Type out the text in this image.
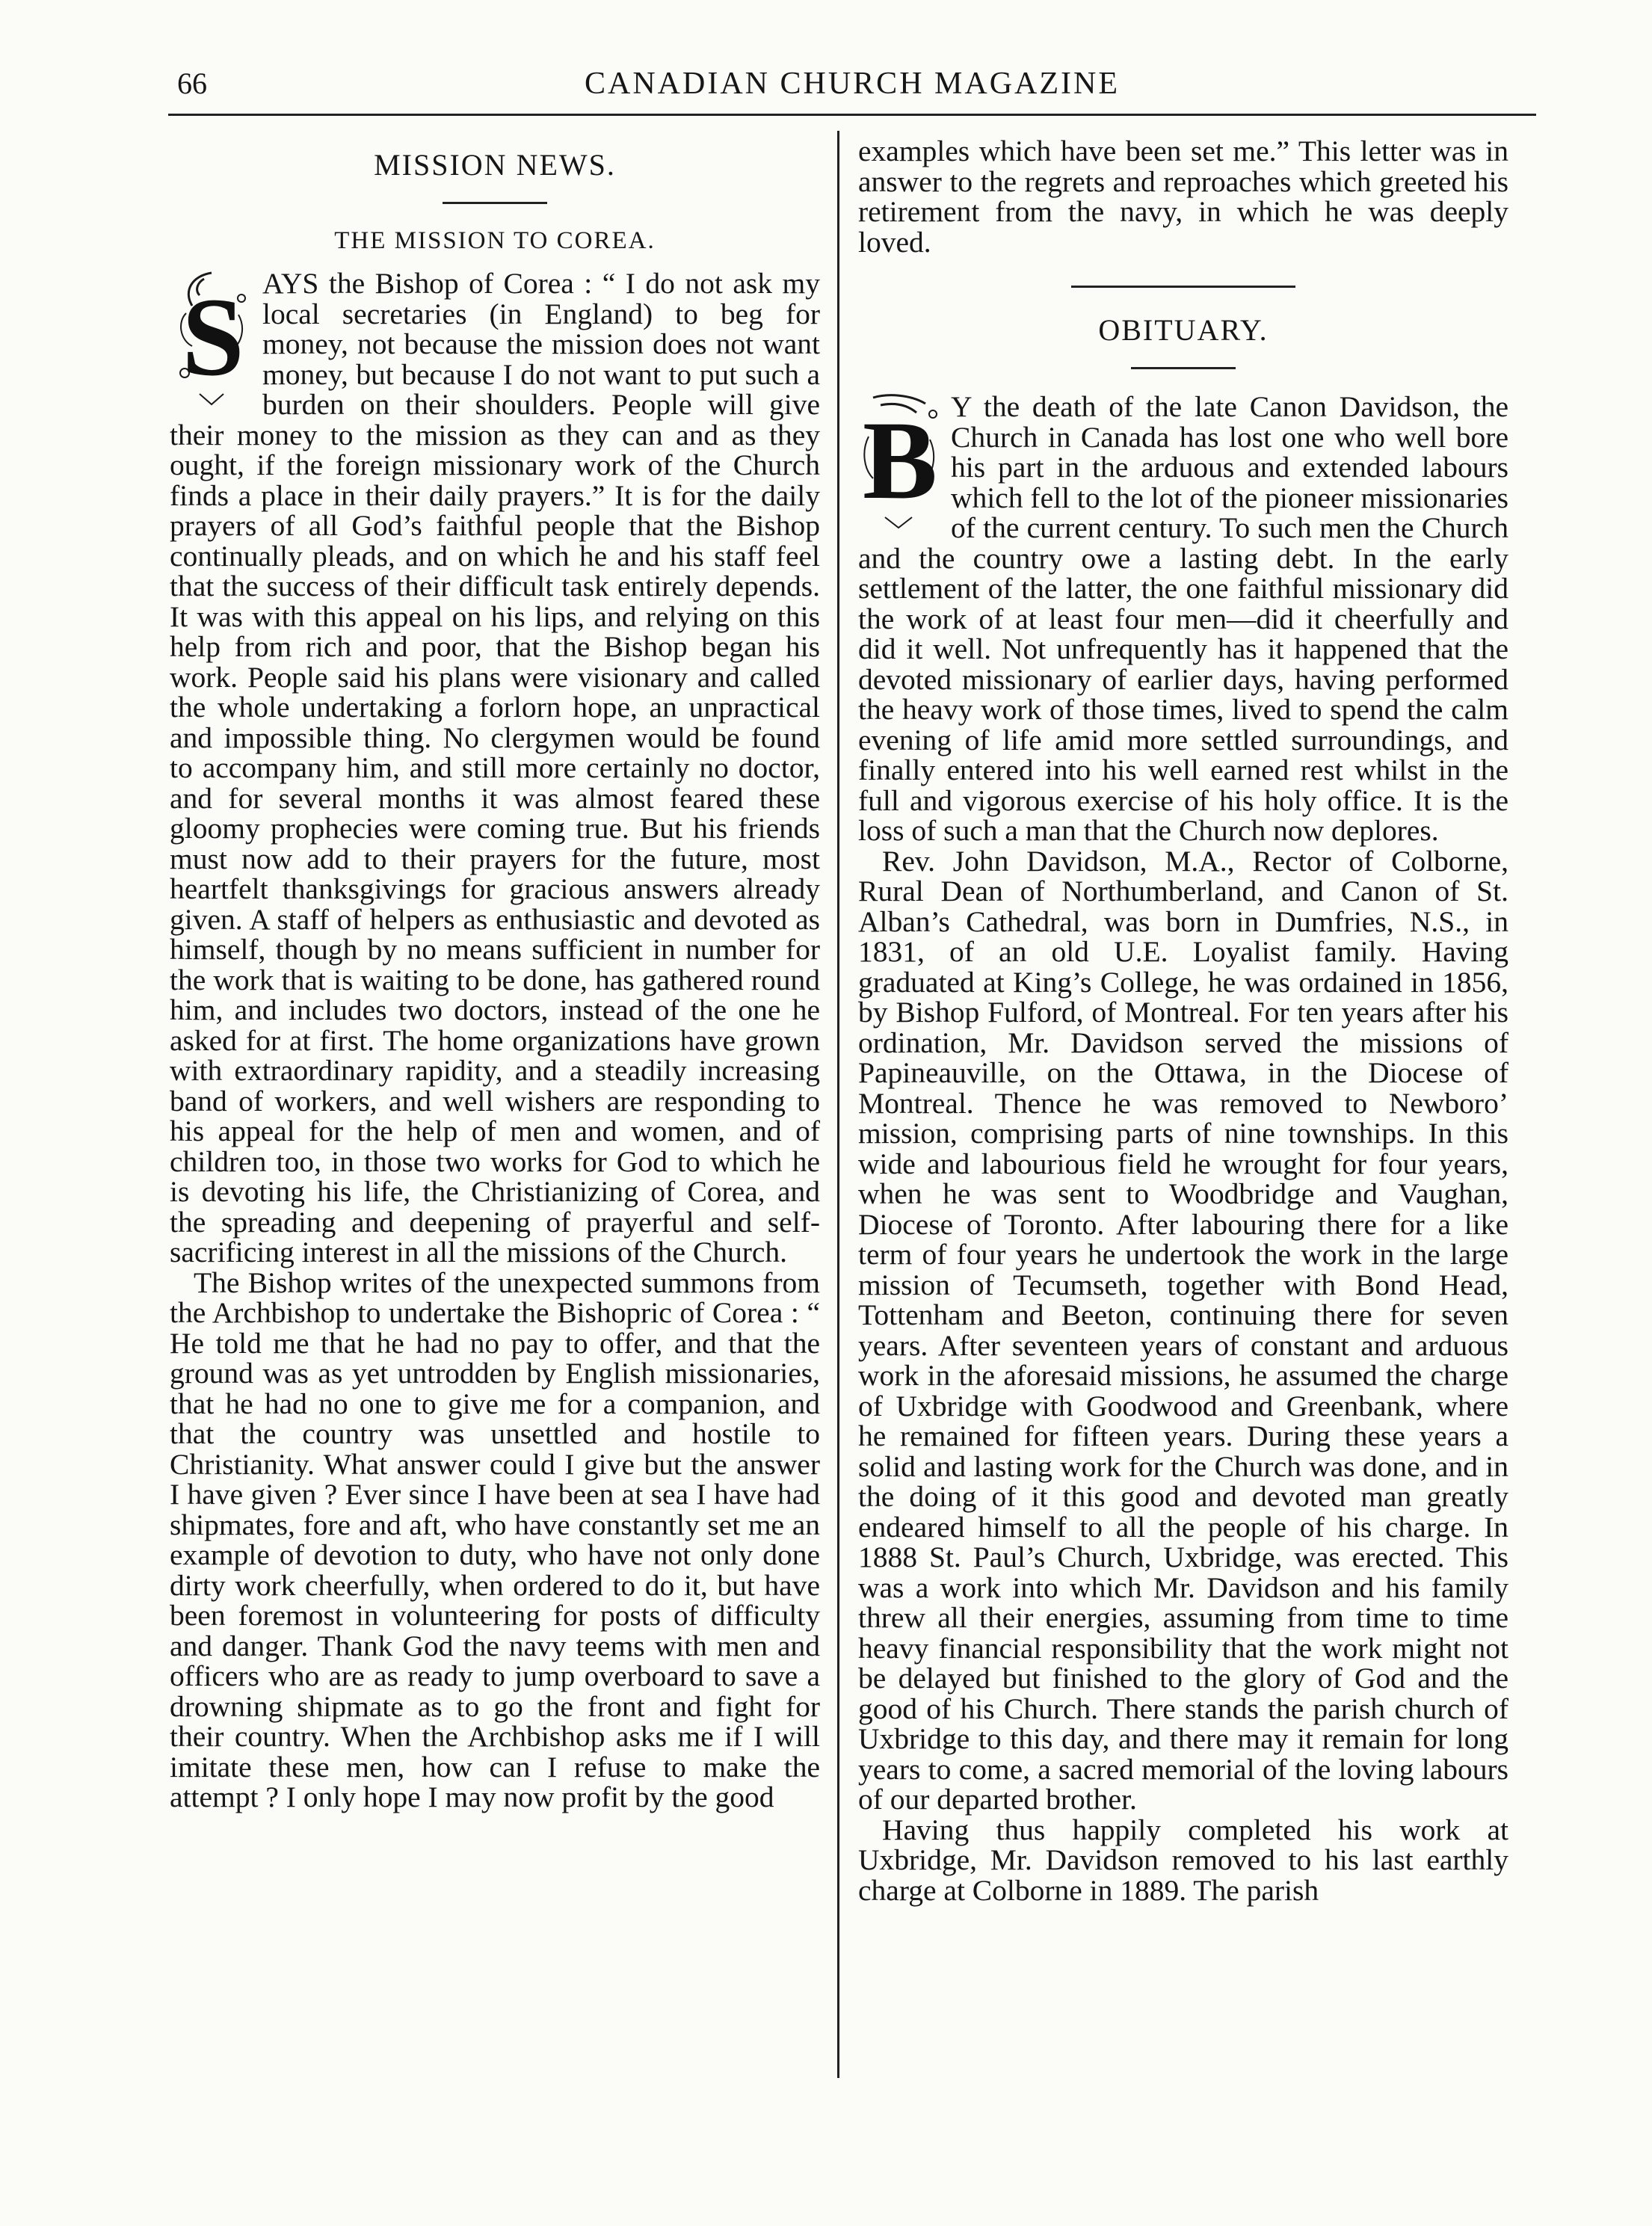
66	CANADIAN CHURCH MAGAZINE
MISSION NEWS.
THE MISSION TO COREA.
S AYS the Bishop of Corea : “ I do not ask my local secretaries (in England) to beg for money, not because the mission does not want money, but because I do not want to put such a burden on their shoulders. People will give their money to the mission as they can and as they ought, if the foreign missionary work of the Church finds a place in their daily prayers.” It is for the daily prayers of all God’s faithful people that the Bishop continually pleads, and on which he and his staff feel that the success of their difficult task entirely depends. It was with this appeal on his lips, and relying on this help from rich and poor, that the Bishop began his work. People said his plans were visionary and called the whole undertaking a forlorn hope, an unpractical and impossible thing. No clergymen would be found to accompany him, and still more certainly no doctor, and for several months it was almost feared these gloomy prophecies were coming true. But his friends must now add to their prayers for the future, most heartfelt thanksgivings for gracious answers already given. A staff of helpers as enthusiastic and devoted as himself, though by no means sufficient in number for the work that is waiting to be done, has gathered round him, and includes two doctors, instead of the one he asked for at first. The home organizations have grown with extraordinary rapidity, and a steadily increasing band of workers, and well wishers are responding to his appeal for the help of men and women, and of children too, in those two works for God to which he is devoting his life, the Christianizing of Corea, and the spreading and deepening of prayerful and self-sacrificing interest in all the missions of the Church.

The Bishop writes of the unexpected summons from the Archbishop to undertake the Bishopric of Corea : “ He told me that he had no pay to offer, and that the ground was as yet untrodden by English missionaries, that he had no one to give me for a companion, and that the country was unsettled and hostile to Christianity. What answer could I give but the answer I have given ? Ever since I have been at sea I have had shipmates, fore and aft, who have constantly set me an example of devotion to duty, who have not only done dirty work cheerfully, when ordered to do it, but have been foremost in volunteering for posts of difficulty and danger. Thank God the navy teems with men and officers who are as ready to jump overboard to save a drowning shipmate as to go the front and fight for their country. When the Archbishop asks me if I will imitate these men, how can I refuse to make the attempt ? I only hope I may now profit by the good

examples which have been set me.” This letter was in answer to the regrets and reproaches which greeted his retirement from the navy, in which he was deeply loved.

OBITUARY.
B Y the death of the late Canon Davidson, the Church in Canada has lost one who well bore his part in the arduous and extended labours which fell to the lot of the pioneer missionaries of the current century. To such men the Church and the country owe a lasting debt. In the early settlement of the latter, the one faithful missionary did the work of at least four men—did it cheerfully and did it well. Not unfrequently has it happened that the devoted missionary of earlier days, having performed the heavy work of those times, lived to spend the calm evening of life amid more settled surroundings, and finally entered into his well earned rest whilst in the full and vigorous exercise of his holy office. It is the loss of such a man that the Church now deplores.

Rev. John Davidson, M.A., Rector of Colborne, Rural Dean of Northumberland, and Canon of St. Alban’s Cathedral, was born in Dumfries, N.S., in 1831, of an old U.E. Loyalist family. Having graduated at King’s College, he was ordained in 1856, by Bishop Fulford, of Montreal. For ten years after his ordination, Mr. Davidson served the missions of Papineauville, on the Ottawa, in the Diocese of Montreal. Thence he was removed to Newboro’ mission, comprising parts of nine townships. In this wide and labourious field he wrought for four years, when he was sent to Woodbridge and Vaughan, Diocese of Toronto. After labouring there for a like term of four years he undertook the work in the large mission of Tecumseth, together with Bond Head, Tottenham and Beeton, continuing there for seven years. After seventeen years of constant and arduous work in the aforesaid missions, he assumed the charge of Uxbridge with Goodwood and Greenbank, where he remained for fifteen years. During these years a solid and lasting work for the Church was done, and in the doing of it this good and devoted man greatly endeared himself to all the people of his charge. In 1888 St. Paul’s Church, Uxbridge, was erected. This was a work into which Mr. Davidson and his family threw all their energies, assuming from time to time heavy financial responsibility that the work might not be delayed but finished to the glory of God and the good of his Church. There stands the parish church of Uxbridge to this day, and there may it remain for long years to come, a sacred memorial of the loving labours of our departed brother.

Having thus happily completed his work at Uxbridge, Mr. Davidson removed to his last earthly charge at Colborne in 1889. The parish
